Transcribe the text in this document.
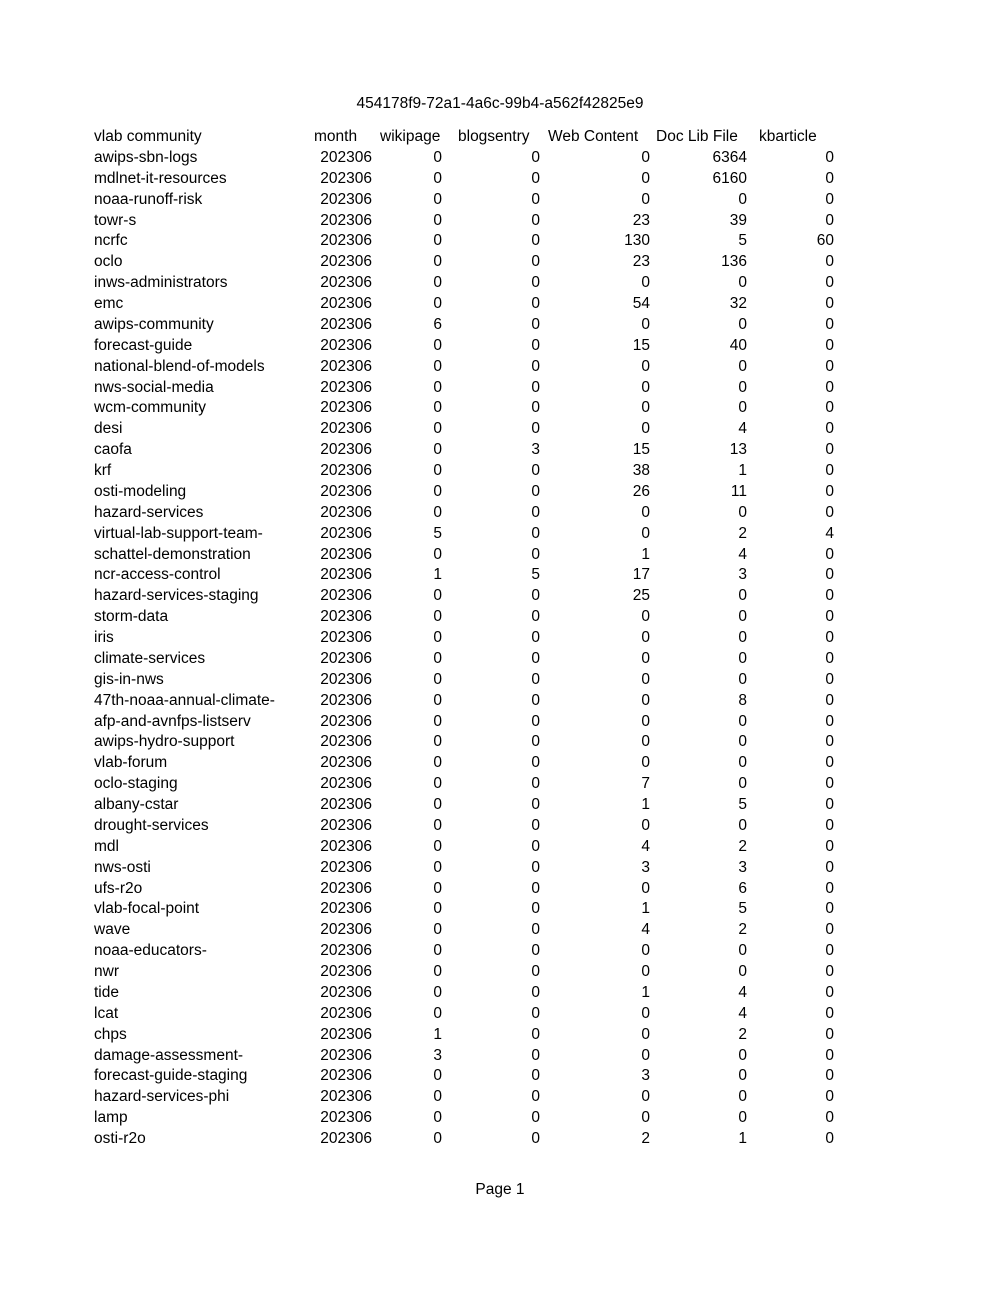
454178f9-72a1-4a6c-99b4-a562f42825e9
vlab community	month	wikipage	blogsentry	Web Content	Doc Lib File	kbarticle
awips-sbn-logs	202306	0	0	0	6364	0
mdlnet-it-resources	202306	0	0	0	6160	0
noaa-runoff-risk	202306	0	0	0	0	0
towr-s	202306	0	0	23	39	0
ncrfc	202306	0	0	130	5	60
oclo	202306	0	0	23	136	0
inws-administrators	202306	0	0	0	0	0
emc	202306	0	0	54	32	0
awips-community	202306	6	0	0	0	0
forecast-guide	202306	0	0	15	40	0
national-blend-of-models	202306	0	0	0	0	0
nws-social-media	202306	0	0	0	0	0
wcm-community	202306	0	0	0	0	0
desi	202306	0	0	0	4	0
caofa	202306	0	3	15	13	0
krf	202306	0	0	38	1	0
osti-modeling	202306	0	0	26	11	0
hazard-services	202306	0	0	0	0	0
virtual-lab-support-team-	202306	5	0	0	2	4
schattel-demonstration	202306	0	0	1	4	0
ncr-access-control	202306	1	5	17	3	0
hazard-services-staging	202306	0	0	25	0	0
storm-data	202306	0	0	0	0	0
iris	202306	0	0	0	0	0
climate-services	202306	0	0	0	0	0
gis-in-nws	202306	0	0	0	0	0
47th-noaa-annual-climate-	202306	0	0	0	8	0
afp-and-avnfps-listserv	202306	0	0	0	0	0
awips-hydro-support	202306	0	0	0	0	0
vlab-forum	202306	0	0	0	0	0
oclo-staging	202306	0	0	7	0	0
albany-cstar	202306	0	0	1	5	0
drought-services	202306	0	0	0	0	0
mdl	202306	0	0	4	2	0
nws-osti	202306	0	0	3	3	0
ufs-r2o	202306	0	0	0	6	0
vlab-focal-point	202306	0	0	1	5	0
wave	202306	0	0	4	2	0
noaa-educators-	202306	0	0	0	0	0
nwr	202306	0	0	0	0	0
tide	202306	0	0	1	4	0
lcat	202306	0	0	0	4	0
chps	202306	1	0	0	2	0
damage-assessment-	202306	3	0	0	0	0
forecast-guide-staging	202306	0	0	3	0	0
hazard-services-phi	202306	0	0	0	0	0
lamp	202306	0	0	0	0	0
osti-r2o	202306	0	0	2	1	0
Page 1
